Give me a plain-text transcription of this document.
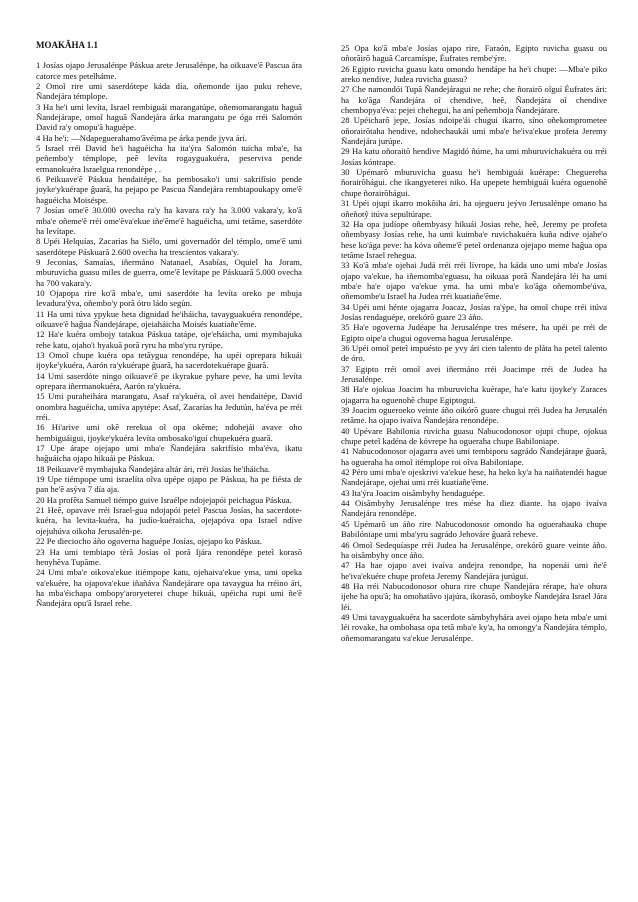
MOAKÃHA 1.1

1 Josías ojapo Jerusalénpe Páskua arete Jerusalénpe, ha oikuave'ẽ Pascua ára catorce mes peteĩháme.

2 Omoĩ rire umi saserdótepe káda día, oñemonde ijao puku reheve, Ñandejára témplope.

3 Ha he'i umi levíta, Israel rembiguái marangatúpe, oñemomarangatu haguã Ñandejárape, omoĩ haguã Ñandejára árka marangatu pe óga rréi Salomón David ra'y omopu'ã haguépe.

4 Ha he'i: —Ndapeguerahamo'ãvéima pe árka pende jyva ári.

5 Israel rréi David he'i haguéicha ha ita'ýra Salomón tuicha mba'e, ha peñembo'y témplope, peẽ levíta rogayguakuéra, peserviva pende ermanokuéra Israelgua renondépe , .

6 Peikuave'ẽ Páskua hendaitépe, ha pembosako'i umi sakrifísio pende joyke'ykuérape g̃uarã, ha pejapo pe Pascua Ñandejára rembiapoukapy ome'ẽ haguéicha Moiséspe.

7 Josías ome'ẽ 30.000 ovecha ra'y ha kavara ra'y ha 3.000 vakara'y, ko'ã mba'e oñeme'ẽ rréi ome'ẽva'ekue iñe'ẽme'ẽ haguéicha, umi tetãme, saserdóte ha levítape.

8 Upéi Helquías, Zacarías ha Siélo, umi governadór del témplo, ome'ẽ umi saserdótepe Páskuarã 2.600 ovecha ha trescientos vakara'y.

9 Jeconias, Samaías, iñermáno Natanael, Asabías, Oquiel ha Joram, mburuvicha guasu miles de guerra, ome'ẽ levítape pe Páskuarã 5.000 ovecha ha 700 vakara'y.

10 Ojapopa rire ko'ã mba'e, umi saserdóte ha levíta oreko pe mbuja levadura'ỹva, oñembo'y porã ótro ládo segùn.

11 Ha umi túva ypykue heta dignidad he'iháicha, tavayguakuéra renondépe, oikuave'ẽ hag̃ua Ñandejárape, ojeiaháicha Moisés kuatiañe'ẽme.

12 Ha'e kuéra ombojy tatakua Páskua tatápe, oje'eháicha, umi mymbajuka rehe katu, ojaho'i hyakuã porã ryru ha mba'yru ryrúpe.

13 Omoĩ chupe kuéra opa tetãygua renondépe, ha upéi oprepara hikuái ijoyke'ykuéra, Aarón ra'ykuérape g̃uarã, ha sacerdotekuérape g̃uarã.

14 Umi saserdóte ningo oikuave'ẽ pe ikyrakue pyhare peve, ha umi levíta oprepara iñermanokuéra, Aarón ra'ykuéra.

15 Umi puraheihára marangatu, Asaf ra'ykuéra, oĩ avei hendaitépe, David onombra haguéicha, umíva apytépe: Asaf, Zacarías ha Jedutún, ha'éva pe rréi rréi.

16 Hi'arive umi okẽ rerekua oĩ opa okẽme; ndohejái avave oho hembiguáigui, ijoyke'ykuéra levíta ombosako'iguí chupekuéra guarã.

17 Upe árape ojejapo umi mba'e Ñandejára sakrifísio mba'éva, ikatu hag̃uáicha ojapo hikuái pe Páskua.

18 Peikuave'ẽ mymbajuka Ñandejára altár ári, rréi Josías he'iháicha.

19 Upe tiémpope umi israelíta oĩva upépe ojapo pe Páskua, ha pe fiésta de pan he'ẽ asýva 7 día aja.

20 Ha profêta Samuel tiémpo guive Israélpe ndojejapói peichagua Páskua.

21 Heẽ, opavave rréi Israel-gua ndojapói peteĩ Pascua Josías, ha sacerdote-kuéra, ha levita-kuéra, ha judío-kuéraicha, ojejapóva opa Israel ndíve ojejuhúva oikoha Jerusalén-pe.

22 Pe dieciocho áño ogoverna haguépe Josías, ojejapo ko Páskua.

23 Ha umi tembiapo tèrã Josías oĩ porã Ijára renondépe peteĩ korasõ henyhẽva Tupãme.

24 Umi mba'e oikova'ekue itiémpope katu, ojehaiva'ekue yma, umi opeka va'ekuére, ha ojapova'ekue iñañáva Ñandejárare opa tavaygua ha rréino ári, ha mba'éichapa ombopy'aroryeterei chupe hikuái, upéicha rupi umi ñe'ẽ Ñandejára opu'ã Israel rehe.

25 Opa ko'ã mba'e Josías ojapo rire, Faraón, Egipto ruvicha guasu ou oñorãirõ haguã Carcamíspe, Éufrates rembe'ýre.

26 Egipto ruvicha guasu katu omondo hendápe ha he'i chupe: —Mba'e piko areko nendive, Judea ruvicha guasu?

27 Che namondói Tupã Ñandejáragui ne rehe; che ñorairõ oĩguí Éufrates ári: ha ko'ãga Ñandejára oĩ chendive, heẽ, Ñandejára oĩ chendive chembopya'éva: pejei chehegui, ha aní peñemboja Ñandejárare.

28 Upéicharõ jepe, Josías ndoipe'ái chugui ikarro, síno oñekomprometee oñorairõtaha hendive, ndohechaukái umi mba'e he'iva'ekue profeta Jeremy Ñandejára jurúpe.

29 Ha katu oñoraitõ hendive Magidó ñúme, ha umi mburuvichakuéra ou rréi Josías kóntrape.

30 Upémarõ mburuvicha guasu he'i hembiguái kuérape: Cheguereha ñorairõhágui. che ikangyeterei niko. Ha upepete hembiguái kuéra oguenohẽ chupe ñorairõhágui.

31 Upéi ojupi ikarro mokõiha ári. ha ojegueru jeývo Jerusalénpe omano ha oñeñotỹ itúva sepultúrape.

32 Ha opa judíope oñembyasy hikuái Josias rehe, heẽ, Jeremy pe profeta oñembyasy Josías rehe, ha umi kuimba'e ruvichakuéra kuña ndive ojahe'o hese ko'ága peve: ha kóva oñeme'ẽ peteĩ ordenanza ojejapo meme hag̃ua opa tetãme Israel rehegua.

33 Ko'ã mba'e ojehai Judá rréi rréi lívrope, ha káda uno umi mba'e Josías ojapo va'ekue, ha iñemomba'eguasu, ha oikuaa porã Ñandejára léi ha umi mba'e ha'e ojapo va'ekue yma. ha umi mba'e ko'ãga oñemombe'úva, oñemombe'u Israel ha Judea rréi kuatiañe'ẽme.

34 Upéi umi hénte ojagarra Joacaz, Josías ra'ýpe, ha omoĩ chupe rréi itúva Josías rendaguépe, orekórõ guare 23 áño.

35 Ha'e ogoverna Judéape ha Jerusalénpe tres mésere, ha upéi pe rréi de Egipto oipe'a chugui ogoverna hagua Jerusalénpe.

36 Upéi omoĩ peteĩ impuésto pe yvy ári cien talento de pláta ha peteĩ talento de óro.

37 Egipto rréi omoĩ avei iñermáno rréi Joacimpe rréi de Judea ha Jerusalénpe.

38 Ha'e ojokua Joacim ha mburuvicha kuérape, ha'e katu ijoyke'y Zaraces ojagarra ha oguenohẽ chupe Egiptogui.

39 Joacim ogueroeko veinte áño oikórõ guare chugui rréi Judea ha Jerusalén retãme. ha ojapo ivaíva Ñandejára renondépe.

40 Upévare Babilonia ruvicha guasu Nabucodonosor ojupi chupe, ojokua chupe peteĩ kadéna de kóvrepe ha ogueraha chupe Babiloniape.

41 Nabucodonosor ojagarra avei umi tembiporu sagrádo Ñandejárape g̃uarã, ha ogueraha ha omoĩ itémplope roi oĩva Babiloniape.

42 Péro umi mba'e ojeskrivi va'ekue hese, ha heko ky'a ha naiñatendéi hague Ñandejárape, ojehai umi rréi kuatiañe'ẽme.

43 Ita'ýra Joacim oisãmbyhy hendaguépe.

44 Oisãmbyhy Jerusalénpe tres mése ha diez diante. ha ojapo ivaíva Ñandejára renondépe.

45 Upémarõ un áño rire Nabucodonosor omondo ha oguerahauka chupe Babilóniape umi mba'yru sagrádo Jehováre g̃uarã reheve.

46 Omoĩ Sedequíaspe rréi Judea ha Jerusalénpe, orekórõ guare veinte áño. ha oisãmbyhy once áño.

47 Ha hae ojapo avei ivaíva andejra renondpe, ha nopenái umi ñe'ẽ he'iva'ekuére chupe profeta Jeremy Ñandejára jurúgui.

48 Ha rréi Nabucodonosor ohura rire chupe Ñandejára rérape, ha'e ohura ijehe ha opu'ã; ha omohatãvo ijajúra, ikorasõ, omboyke Ñandejára Israel Jára léi.

49 Umi tavayguakuéra ha sacerdote sãmbyhyhára avei ojapo heta mba'e umi léi rovake, ha ombohasa opa tetã mba'e ky'a, ha omongy'a Ñandejára témplo, oñemomarangatu va'ekue Jerusalénpe.
